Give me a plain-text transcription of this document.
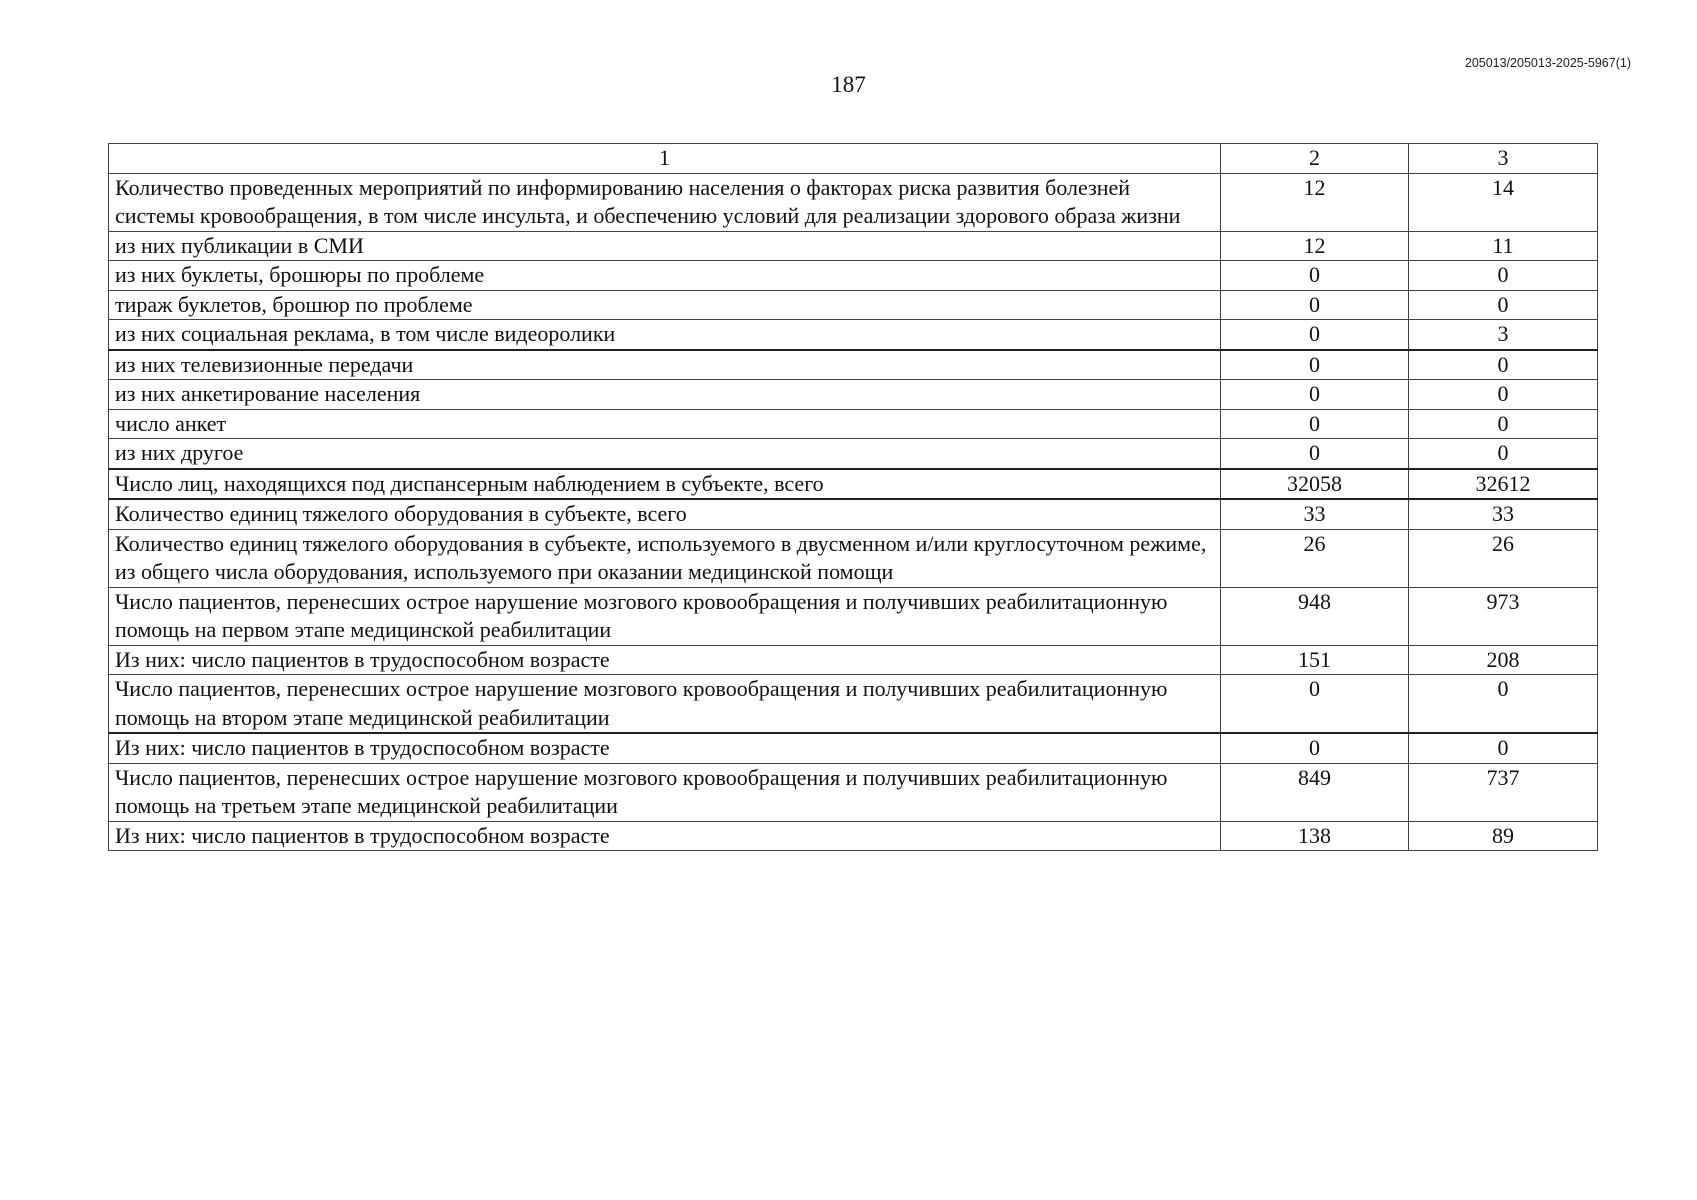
205013/205013-2025-5967(1)
187
1	2	3
Количество проведенных мероприятий по информированию населения о факторах риска развития болезней системы кровообращения, в том числе инсульта, и обеспечению условий для реализации здорового образа жизни	12	14
из них публикации в СМИ	12	11
из них буклеты, брошюры по проблеме	0	0
тираж буклетов, брошюр по проблеме	0	0
из них социальная реклама, в том числе видеоролики	0	3
из них телевизионные передачи	0	0
из них анкетирование населения	0	0
число анкет	0	0
из них другое	0	0
Число лиц, находящихся под диспансерным наблюдением в субъекте, всего	32058	32612
Количество единиц тяжелого оборудования в субъекте, всего	33	33
Количество единиц тяжелого оборудования в субъекте, используемого в двусменном и/или круглосуточном режиме, из общего числа оборудования, используемого при оказании медицинской помощи	26	26
Число пациентов, перенесших острое нарушение мозгового кровообращения и получивших реабилитационную помощь на первом этапе медицинской реабилитации	948	973
Из них: число пациентов в трудоспособном возрасте	151	208
Число пациентов, перенесших острое нарушение мозгового кровообращения и получивших реабилитационную помощь на втором этапе медицинской реабилитации	0	0
Из них: число пациентов в трудоспособном возрасте	0	0
Число пациентов, перенесших острое нарушение мозгового кровообращения и получивших реабилитационную помощь на третьем этапе медицинской реабилитации	849	737
Из них: число пациентов в трудоспособном возрасте	138	89
